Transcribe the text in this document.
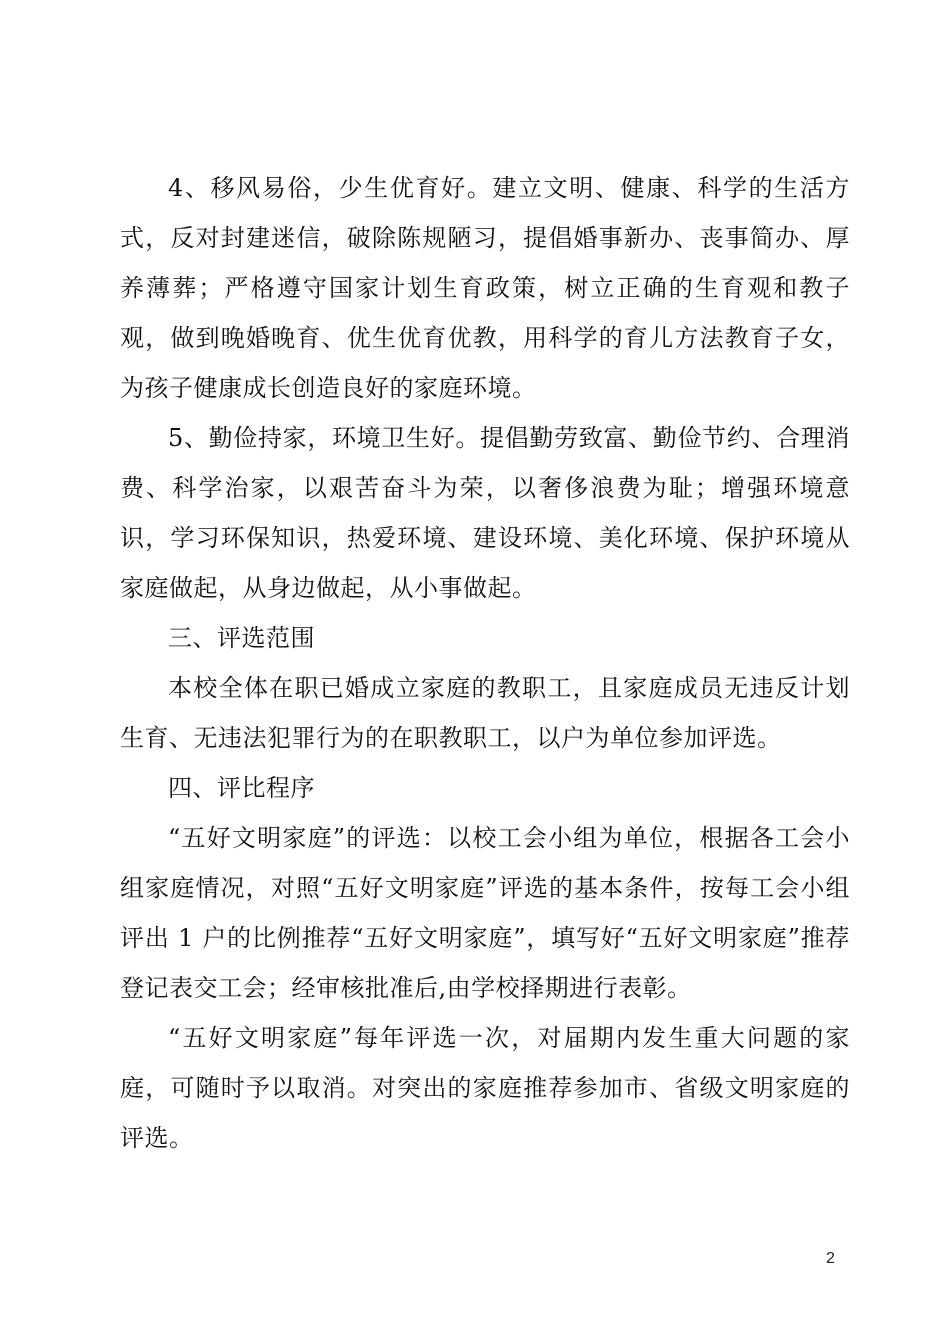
4、移风易俗，少生优育好。建立文明、健康、科学的生活方式，反对封建迷信，破除陈规陋习，提倡婚事新办、丧事简办、厚养薄葬；严格遵守国家计划生育政策，树立正确的生育观和教子观，做到晚婚晚育、优生优育优教，用科学的育儿方法教育子女，为孩子健康成长创造良好的家庭环境。

5、勤俭持家，环境卫生好。提倡勤劳致富、勤俭节约、合理消费、科学治家，以艰苦奋斗为荣，以奢侈浪费为耻；增强环境意识，学习环保知识，热爱环境、建设环境、美化环境、保护环境从家庭做起，从身边做起，从小事做起。

三、评选范围

本校全体在职已婚成立家庭的教职工，且家庭成员无违反计划生育、无违法犯罪行为的在职教职工，以户为单位参加评选。

四、评比程序

“五好文明家庭”的评选：以校工会小组为单位，根据各工会小组家庭情况，对照“五好文明家庭”评选的基本条件，按每工会小组评出 1 户的比例推荐“五好文明家庭”，填写好“五好文明家庭”推荐登记表交工会；经审核批准后,由学校择期进行表彰。

“五好文明家庭”每年评选一次，对届期内发生重大问题的家庭，可随时予以取消。对突出的家庭推荐参加市、省级文明家庭的评选。

2
